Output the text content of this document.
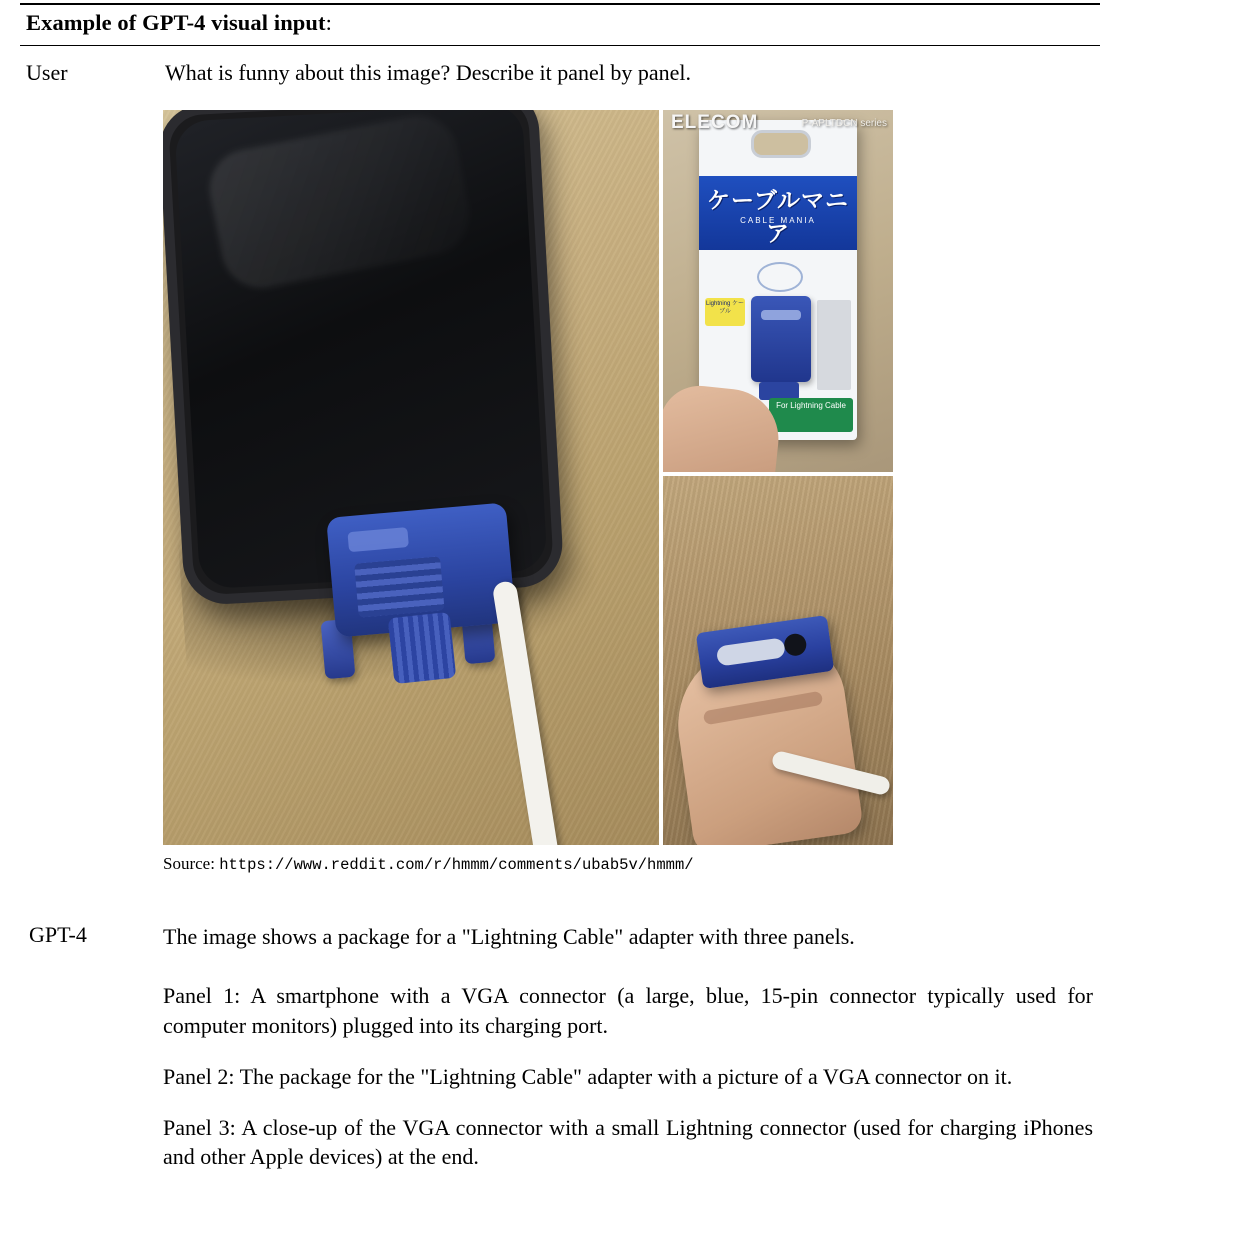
Example of GPT-4 visual input:
User	What is funny about this image? Describe it panel by panel.
ケーブルマニア
CABLE MANIA
Lightning ケーブル
For Lightning Cable
ELECOM	P-APLTDCN series
Source: https://www.reddit.com/r/hmmm/comments/ubab5v/hmmm/
GPT-4	The image shows a package for a "Lightning Cable" adapter with three panels.

Panel 1: A smartphone with a VGA connector (a large, blue, 15-pin connector typically used for computer monitors) plugged into its charging port.

Panel 2: The package for the "Lightning Cable" adapter with a picture of a VGA connector on it.

Panel 3: A close-up of the VGA connector with a small Lightning connector (used for charging iPhones and other Apple devices) at the end.
